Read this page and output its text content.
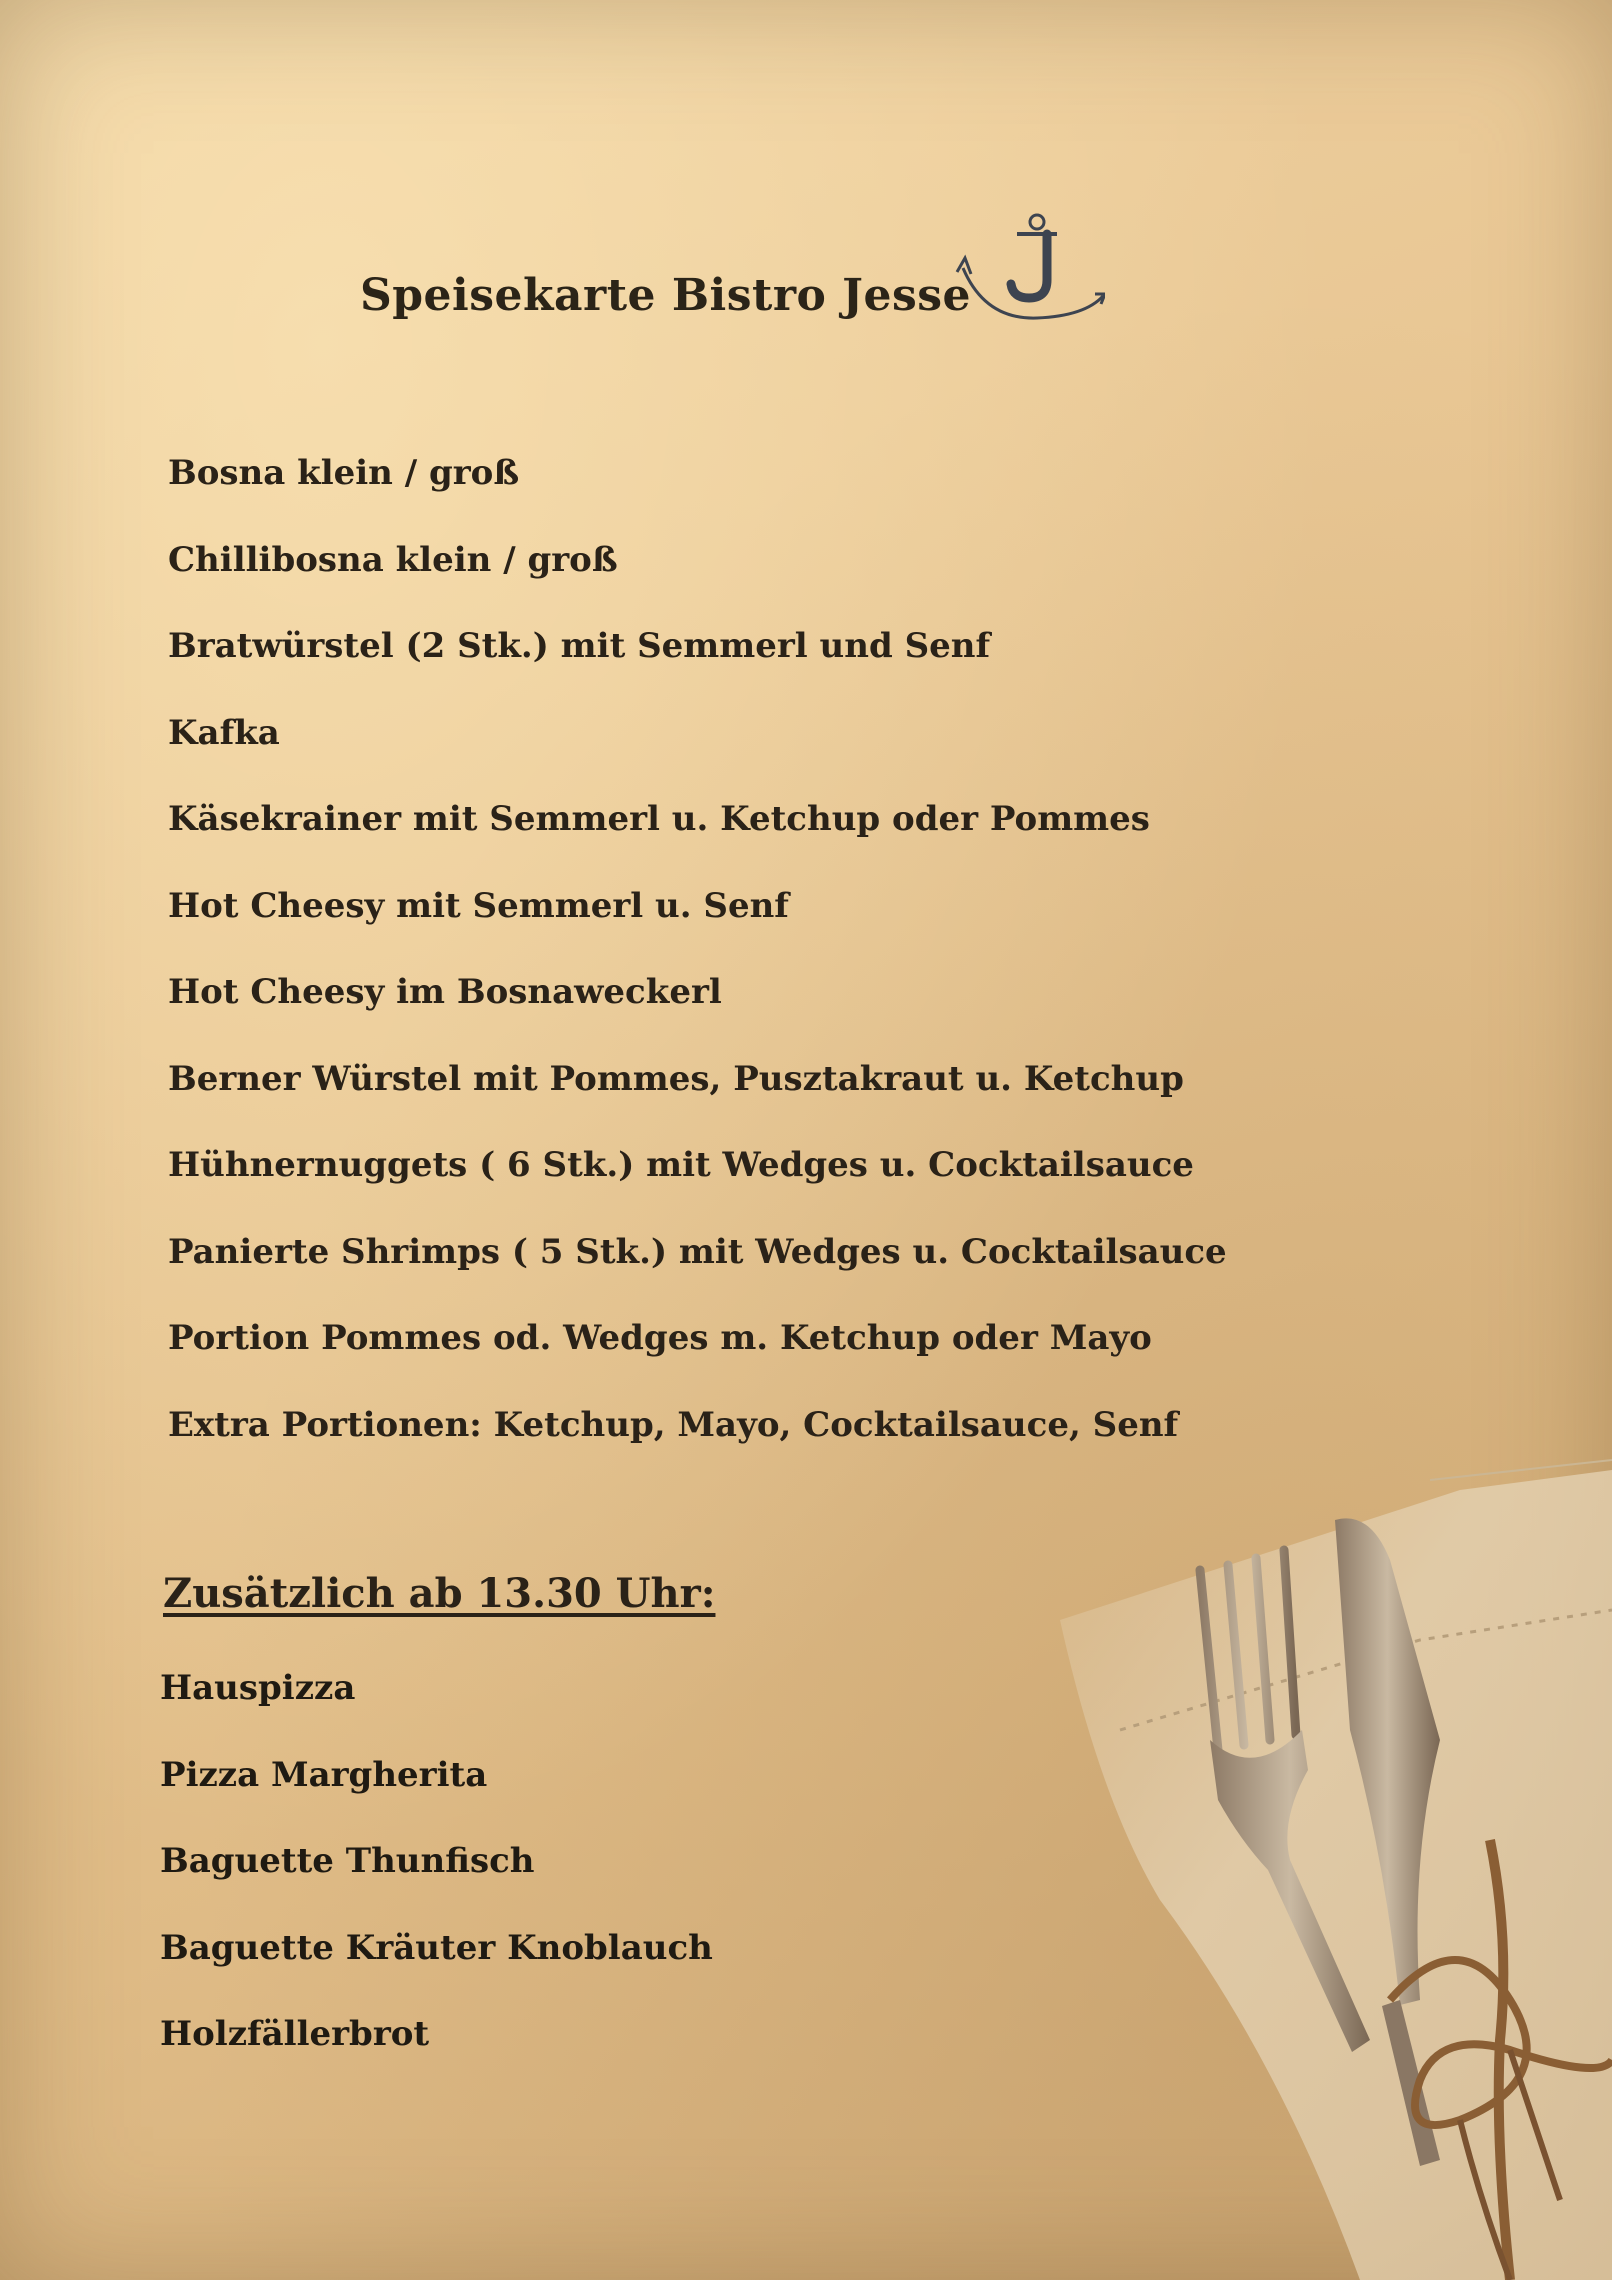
Speisekarte Bistro Jesse
Bosna klein / groß
Chillibosna klein / groß
Bratwürstel (2 Stk.) mit Semmerl und Senf
Kafka
Käsekrainer mit Semmerl u. Ketchup oder Pommes
Hot Cheesy mit Semmerl u. Senf
Hot Cheesy im Bosnaweckerl
Berner Würstel mit Pommes, Pusztakraut u. Ketchup
Hühnernuggets ( 6 Stk.) mit Wedges u. Cocktailsauce
Panierte Shrimps ( 5 Stk.) mit Wedges u. Cocktailsauce
Portion Pommes od. Wedges m. Ketchup oder Mayo
Extra Portionen: Ketchup, Mayo, Cocktailsauce, Senf
Zusätzlich ab 13.30 Uhr:
Hauspizza
Pizza Margherita
Baguette Thunfisch
Baguette Kräuter Knoblauch
Holzfällerbrot
